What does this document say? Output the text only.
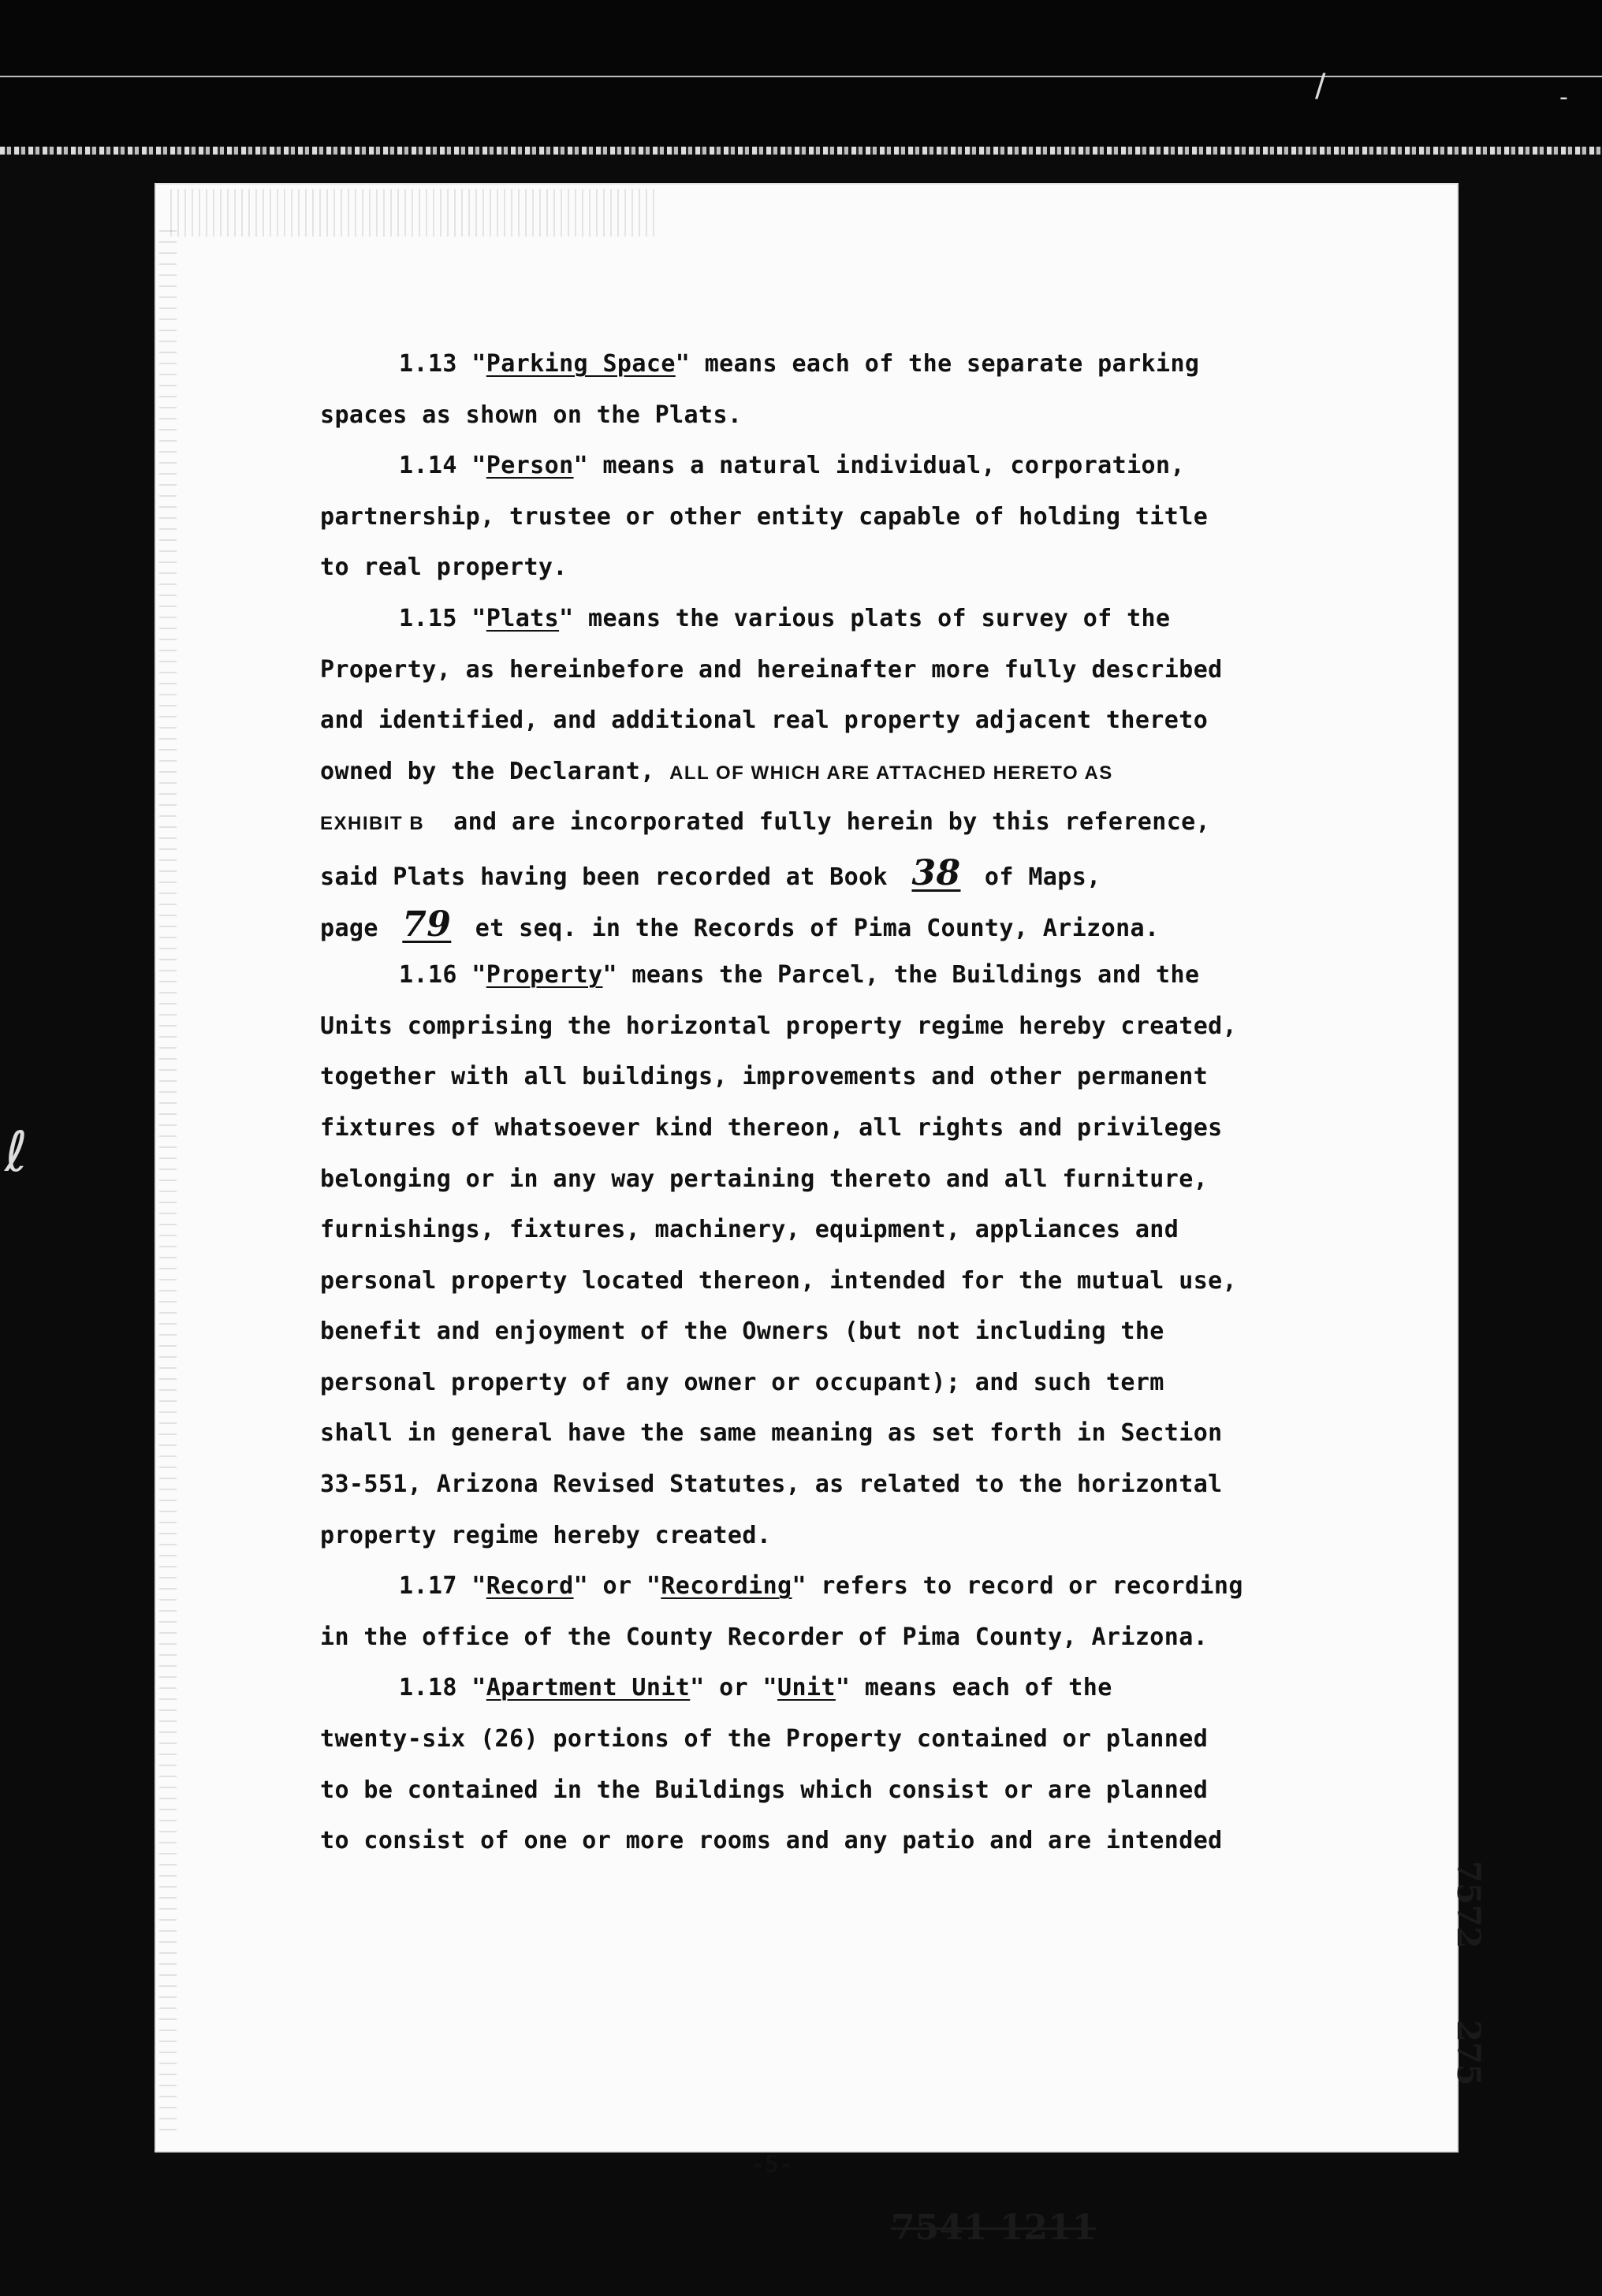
/	-
ℓ
1.13 "Parking Space" means each of the separate parking
spaces as shown on the Plats.
1.14 "Person" means a natural individual, corporation,
partnership, trustee or other entity capable of holding title
to real property.
1.15 "Plats" means the various plats of survey of the
Property, as hereinbefore and hereinafter more fully described
and identified, and additional real property adjacent thereto
owned by the Declarant, ALL OF WHICH ARE ATTACHED HERETO AS
EXHIBIT B  and are incorporated fully herein by this reference,
said Plats having been recorded at Book 38 of Maps,
page 79 et seq. in the Records of Pima County, Arizona.
1.16 "Property" means the Parcel, the Buildings and the
Units comprising the horizontal property regime hereby created,
together with all buildings, improvements and other permanent
fixtures of whatsoever kind thereon, all rights and privileges
belonging or in any way pertaining thereto and all furniture,
furnishings, fixtures, machinery, equipment, appliances and
personal property located thereon, intended for the mutual use,
benefit and enjoyment of the Owners (but not including the
personal property of any owner or occupant); and such term
shall in general have the same meaning as set forth in Section
33-551, Arizona Revised Statutes, as related to the horizontal
property regime hereby created.
1.17 "Record" or "Recording" refers to record or recording
in the office of the County Recorder of Pima County, Arizona.
1.18 "Apartment Unit" or "Unit" means each of the
twenty-six (26) portions of the Property contained or planned
to be contained in the Buildings which consist or are planned
to consist of one or more rooms and any patio and are intended
-5-
7541 1211
7572
275
